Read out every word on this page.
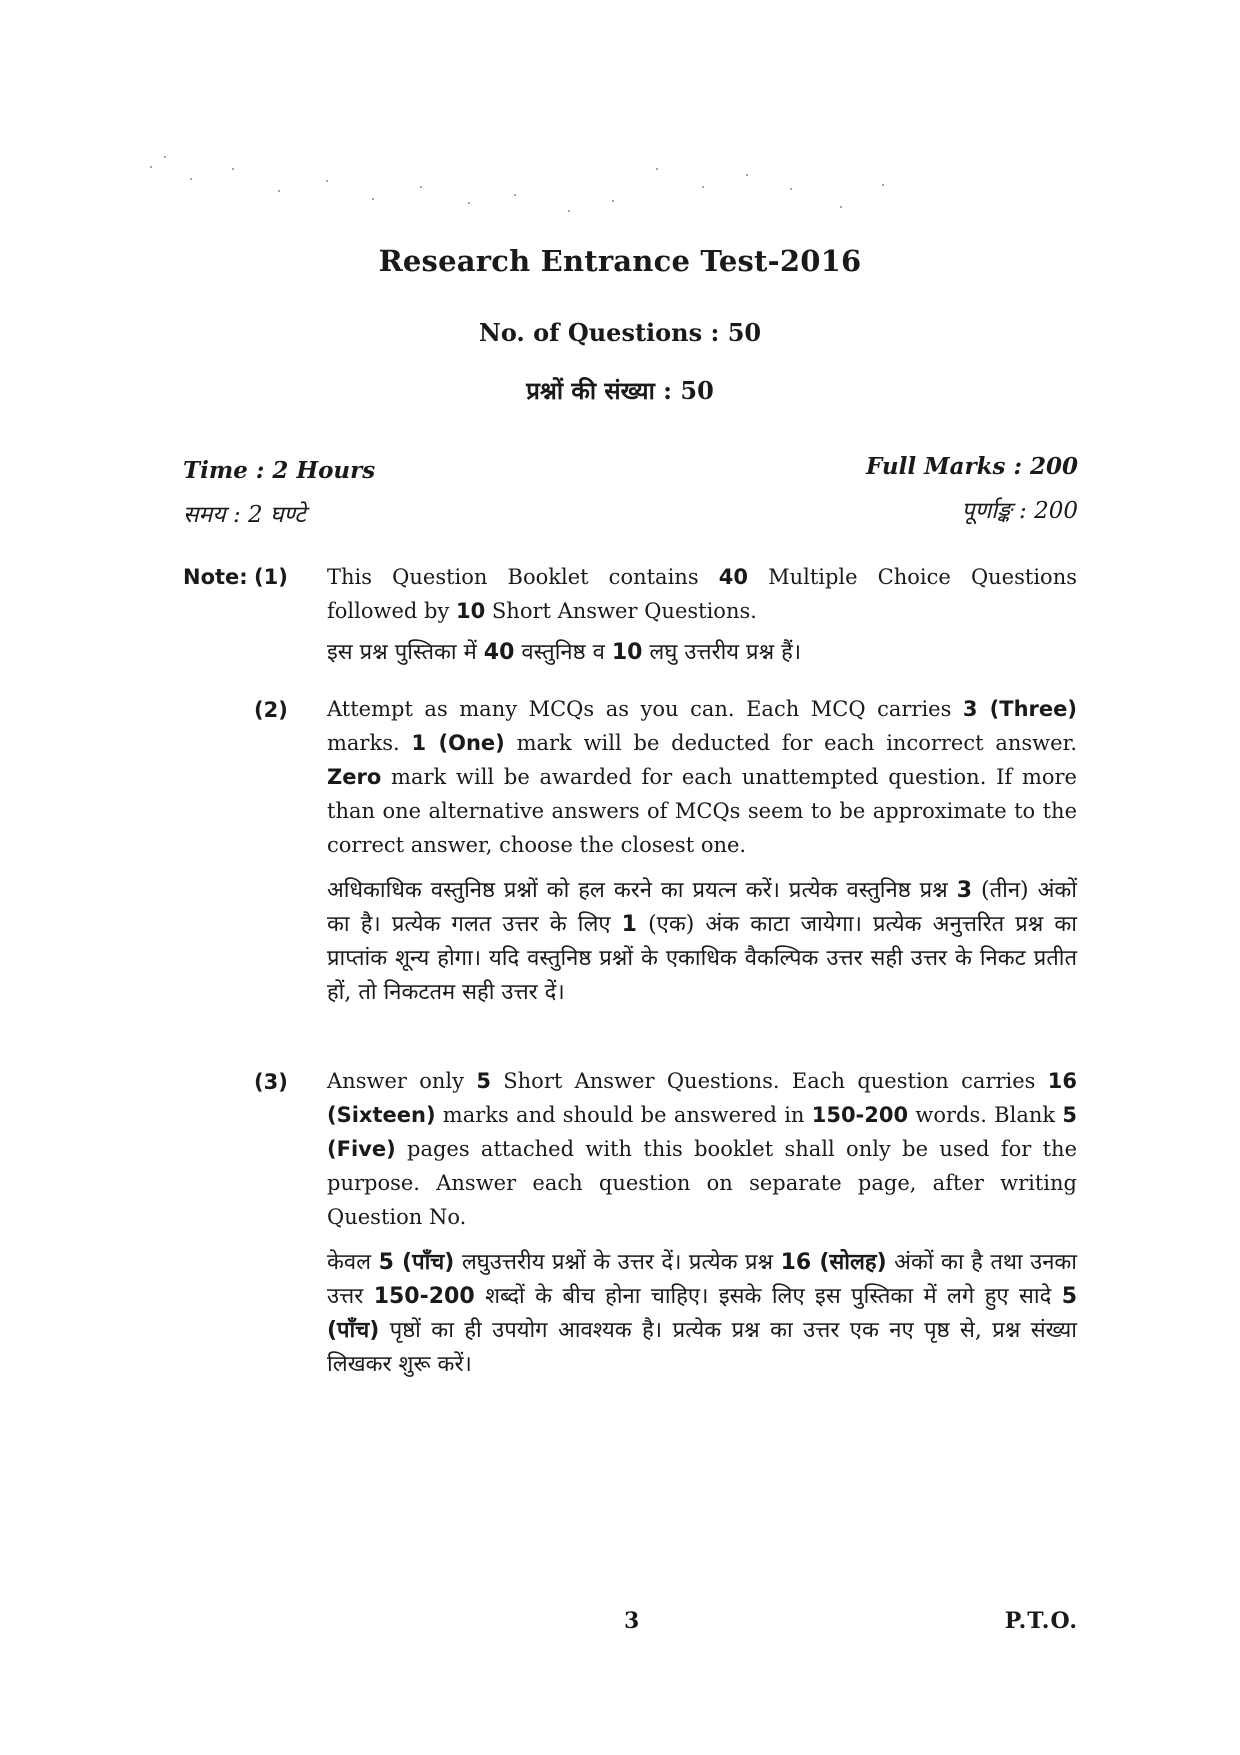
Research Entrance Test-2016
No. of Questions : 50
प्रश्नों की संख्या : 50
Time : 2 Hours
समय : 2 घण्टे
Full Marks : 200
पूर्णाङ्क : 200
Note: (1) This Question Booklet contains 40 Multiple Choice Questions followed by 10 Short Answer Questions.
इस प्रश्न पुस्तिका में 40 वस्तुनिष्ठ व 10 लघु उत्तरीय प्रश्न हैं।
(2) Attempt as many MCQs as you can. Each MCQ carries 3 (Three) marks. 1 (One) mark will be deducted for each incorrect answer. Zero mark will be awarded for each unattempted question. If more than one alternative answers of MCQs seem to be approximate to the correct answer, choose the closest one.
अधिकाधिक वस्तुनिष्ठ प्रश्नों को हल करने का प्रयत्न करें। प्रत्येक वस्तुनिष्ठ प्रश्न 3 (तीन) अंकों का है। प्रत्येक गलत उत्तर के लिए 1 (एक) अंक काटा जायेगा। प्रत्येक अनुत्तरित प्रश्न का प्राप्तांक शून्य होगा। यदि वस्तुनिष्ठ प्रश्नों के एकाधिक वैकल्पिक उत्तर सही उत्तर के निकट प्रतीत हों, तो निकटतम सही उत्तर दें।
(3) Answer only 5 Short Answer Questions. Each question carries 16 (Sixteen) marks and should be answered in 150-200 words. Blank 5 (Five) pages attached with this booklet shall only be used for the purpose. Answer each question on separate page, after writing Question No.
केवल 5 (पाँच) लघुउत्तरीय प्रश्नों के उत्तर दें। प्रत्येक प्रश्न 16 (सोलह) अंकों का है तथा उनका उत्तर 150-200 शब्दों के बीच होना चाहिए। इसके लिए इस पुस्तिका में लगे हुए सादे 5 (पाँच) पृष्ठों का ही उपयोग आवश्यक है। प्रत्येक प्रश्न का उत्तर एक नए पृष्ठ से, प्रश्न संख्या लिखकर शुरू करें।
3	P.T.O.
